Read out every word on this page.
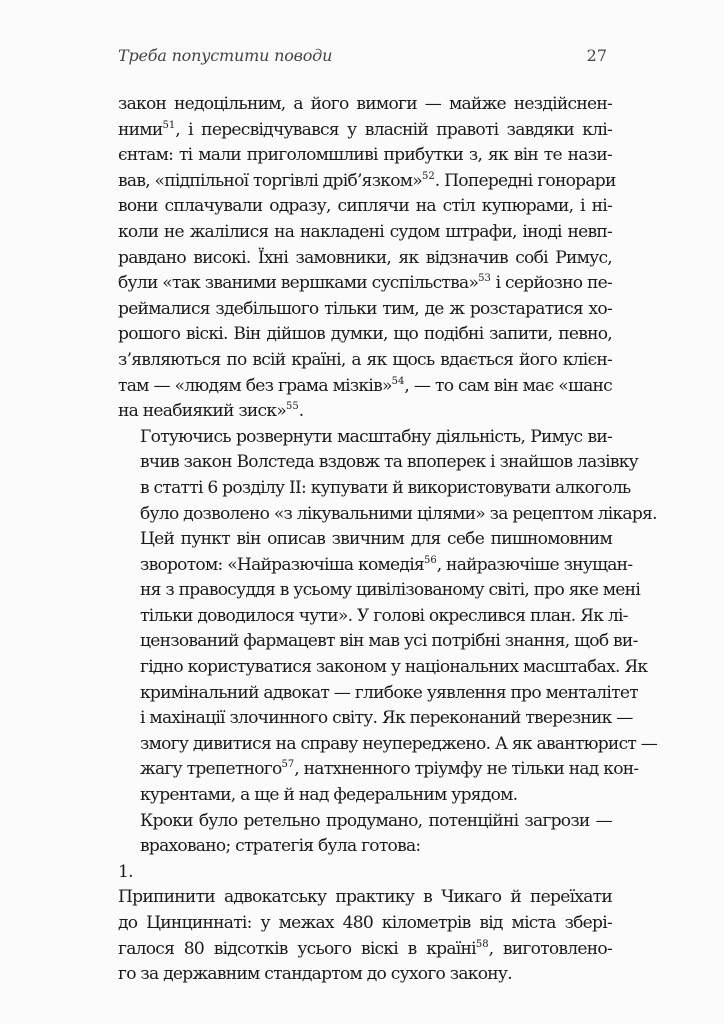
Треба попустити поводи	27

закон недоцільним, а його вимоги — майже нездійснен-
ними$^{51}$, і пересвідчувався у власній правоті завдяки клі-
єнтам: ті мали приголомшливі прибутки з, як він те нази-
вав, «підпільної торгівлі дріб’язком»$^{52}$. Попередні гонорари
вони сплачували одразу, сиплячи на стіл купюрами, і ні-
коли не жалілися на накладені судом штрафи, іноді невп-
равдано високі. Їхні замовники, як відзначив собі Римус,
були «так званими вершками суспільства»$^{53}$ і серйозно пе-
реймалися здебільшого тільки тим, де ж розстаратися хо-
рошого віскі. Він дійшов думки, що подібні запити, певно,
з’являються по всій країні, а як щось вдається його клієн-
там — «людям без грама мізків»$^{54}$, — то сам він має «шанс
на неабиякий зиск»$^{55}$.

Готуючись розвернути масштабну діяльність, Римус ви-
вчив закон Волстеда вздовж та впоперек і знайшов лазівку
в статті 6 розділу II: купувати й використовувати алкоголь
було дозволено «з лікувальними цілями» за рецептом лікаря.

Цей пункт він описав звичним для себе пишномовним
зворотом: «Найразючіша комедія$^{56}$, найразючіше знущан-
ня з правосуддя в усьому цивілізованому світі, про яке мені
тільки доводилося чути». У голові окреслився план. Як лі-
цензований фармацевт він мав усі потрібні знання, щоб ви-
гідно користуватися законом у національних масштабах. Як
кримінальний адвокат — глибоке уявлення про менталітет
і махінації злочинного світу. Як переконаний тверезник —
змогу дивитися на справу неупереджено. А як авантюрист —
жагу трепетного$^{57}$, натхненного тріумфу не тільки над кон-
курентами, а ще й над федеральним урядом.

Кроки було ретельно продумано, потенційні загрози —
враховано; стратегія була готова:

1.
Припинити адвокатську практику в Чикаго й переїхати
до Цинциннаті: у межах 480 кілометрів від міста збері-
галося 80 відсотків усього віскі в країні$^{58}$, виготовлено-
го за державним стандартом до сухого закону.
